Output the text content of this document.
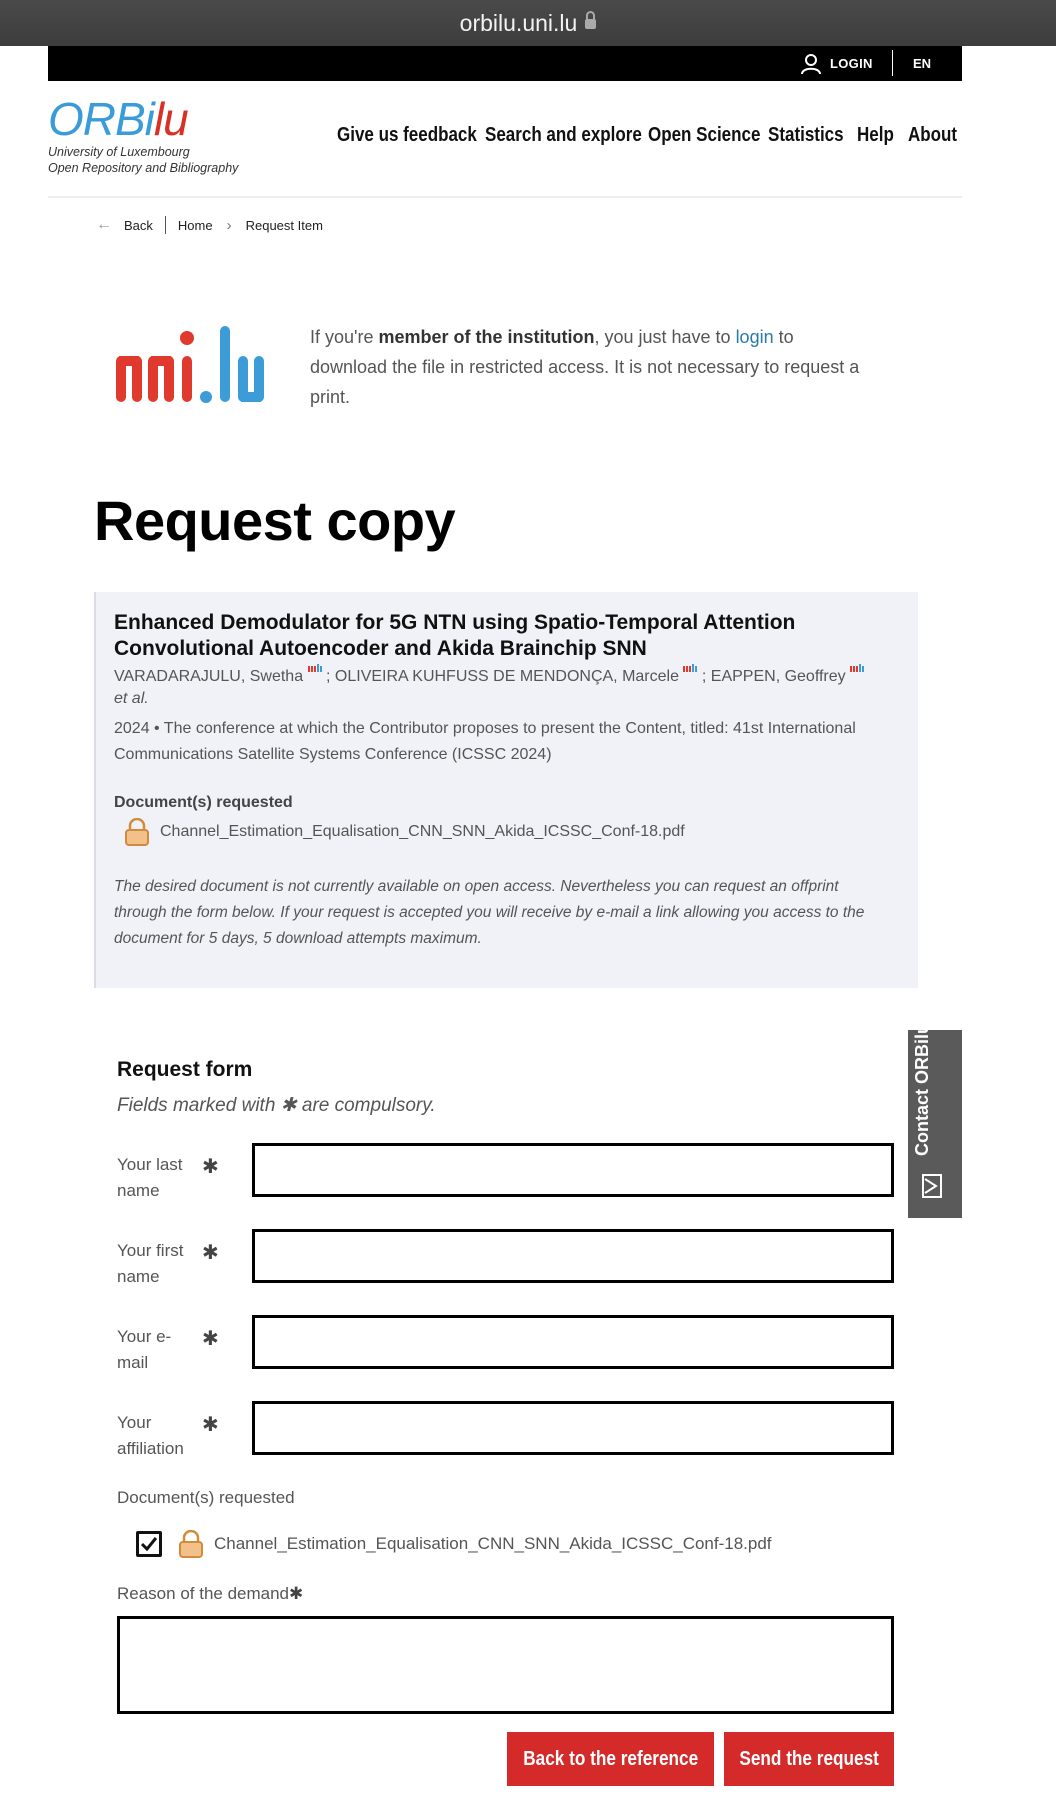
orbilu.uni.lu
LOGIN	EN
ORBilu
University of Luxembourg
Open Repository and Bibliography
Give us feedback Search and explore Open Science Statistics Help About
← Back Home › Request Item
If you're member of the institution, you just have to login to download the file in restricted access. It is not necessary to request a print.
Request copy
Enhanced Demodulator for 5G NTN using Spatio-Temporal Attention Convolutional Autoencoder and Akida Brainchip SNN
VARADARAJULU, Swetha  ; OLIVEIRA KUHFUSS DE MENDONÇA, Marcele  ; EAPPEN, Geoffrey
et al.
2024 • The conference at which the Contributor proposes to present the Content, titled: 41st International Communications Satellite Systems Conference (ICSSC 2024)
Document(s) requested
Channel_Estimation_Equalisation_CNN_SNN_Akida_ICSSC_Conf-18.pdf
The desired document is not currently available on open access. Nevertheless you can request an offprint through the form below. If your request is accepted you will receive by e-mail a link allowing you access to the document for 5 days, 5 download attempts maximum.
Contact ORBilu
Request form
Fields marked with ✱ are compulsory.
Your last name
✱
Your first name
✱
Your e-mail
✱
Your affiliation
✱
Document(s) requested
Channel_Estimation_Equalisation_CNN_SNN_Akida_ICSSC_Conf-18.pdf
Reason of the demand✱
Back to the reference Send the request
